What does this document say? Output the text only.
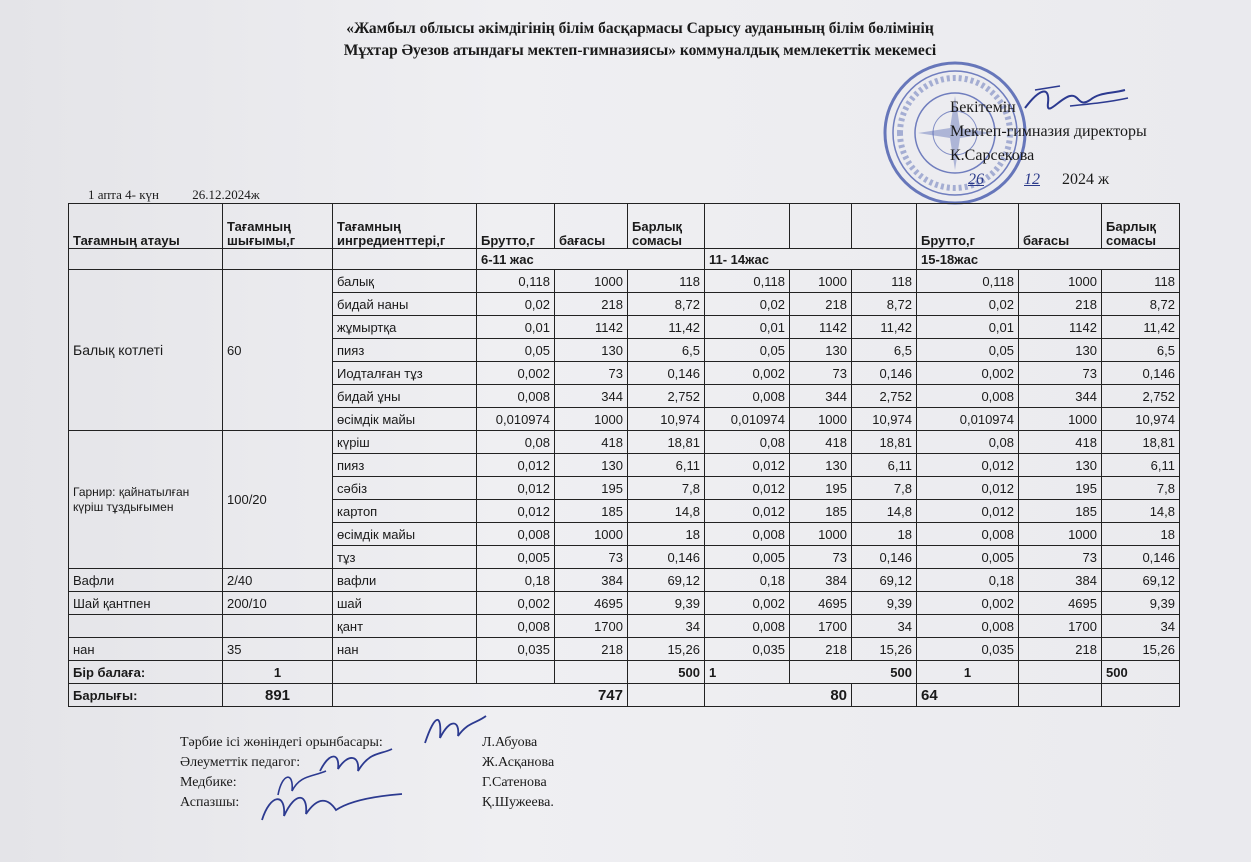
«Жамбыл облысы әкімдігінің білім басқармасы Сарысу ауданының білім бөлімінің
Мұхтар Әуезов атындағы мектеп-гимназиясы» коммуналдық мемлекеттік мекемесі
Бекітемін
Мектеп-гимназия директоры
К.Сарсекова
26	12 2024 ж
1 апта 4- күн	26.12.2024ж
Тағамның атауы	Тағамның шығымы,г	Тағамның ингредиенттері,г	Брутто,г	бағасы	Барлық сомасы				Брутто,г	бағасы	Барлық сомасы
			6-11 жас			11- 14жас			15-18жас		
Балық котлеті	60	балық	0,118	1000	118	0,118	1000	118	0,118	1000	118
		бидай наны	0,02	218	8,72	0,02	218	8,72	0,02	218	8,72
		жұмыртқа	0,01	1142	11,42	0,01	1142	11,42	0,01	1142	11,42
		пияз	0,05	130	6,5	0,05	130	6,5	0,05	130	6,5
		Иодталған тұз	0,002	73	0,146	0,002	73	0,146	0,002	73	0,146
		бидай ұны	0,008	344	2,752	0,008	344	2,752	0,008	344	2,752
		өсімдік майы	0,010974	1000	10,974	0,010974	1000	10,974	0,010974	1000	10,974
Гарнир: қайнатылған күріш тұздығымен	100/20	күріш	0,08	418	18,81	0,08	418	18,81	0,08	418	18,81
		пияз	0,012	130	6,11	0,012	130	6,11	0,012	130	6,11
		сәбіз	0,012	195	7,8	0,012	195	7,8	0,012	195	7,8
		картоп	0,012	185	14,8	0,012	185	14,8	0,012	185	14,8
		өсімдік майы	0,008	1000	18	0,008	1000	18	0,008	1000	18
		тұз	0,005	73	0,146	0,005	73	0,146	0,005	73	0,146
Вафли	2/40	вафли	0,18	384	69,12	0,18	384	69,12	0,18	384	69,12
Шай қантпен	200/10	шай	0,002	4695	9,39	0,002	4695	9,39	0,002	4695	9,39
		қант	0,008	1700	34	0,008	1700	34	0,008	1700	34
нан	35	нан	0,035	218	15,26	0,035	218	15,26	0,035	218	15,26
Бір балаға:	1				500	1	500		1		500
Барлығы:	891	747				80			64		
Тәрбие ісі жөніндегі орынбасары:	Л.Абуова
Әлеуметтік педагог:	Ж.Асқанова
Медбике:	Г.Сатенова
Аспазшы:	Қ.Шужеева.
